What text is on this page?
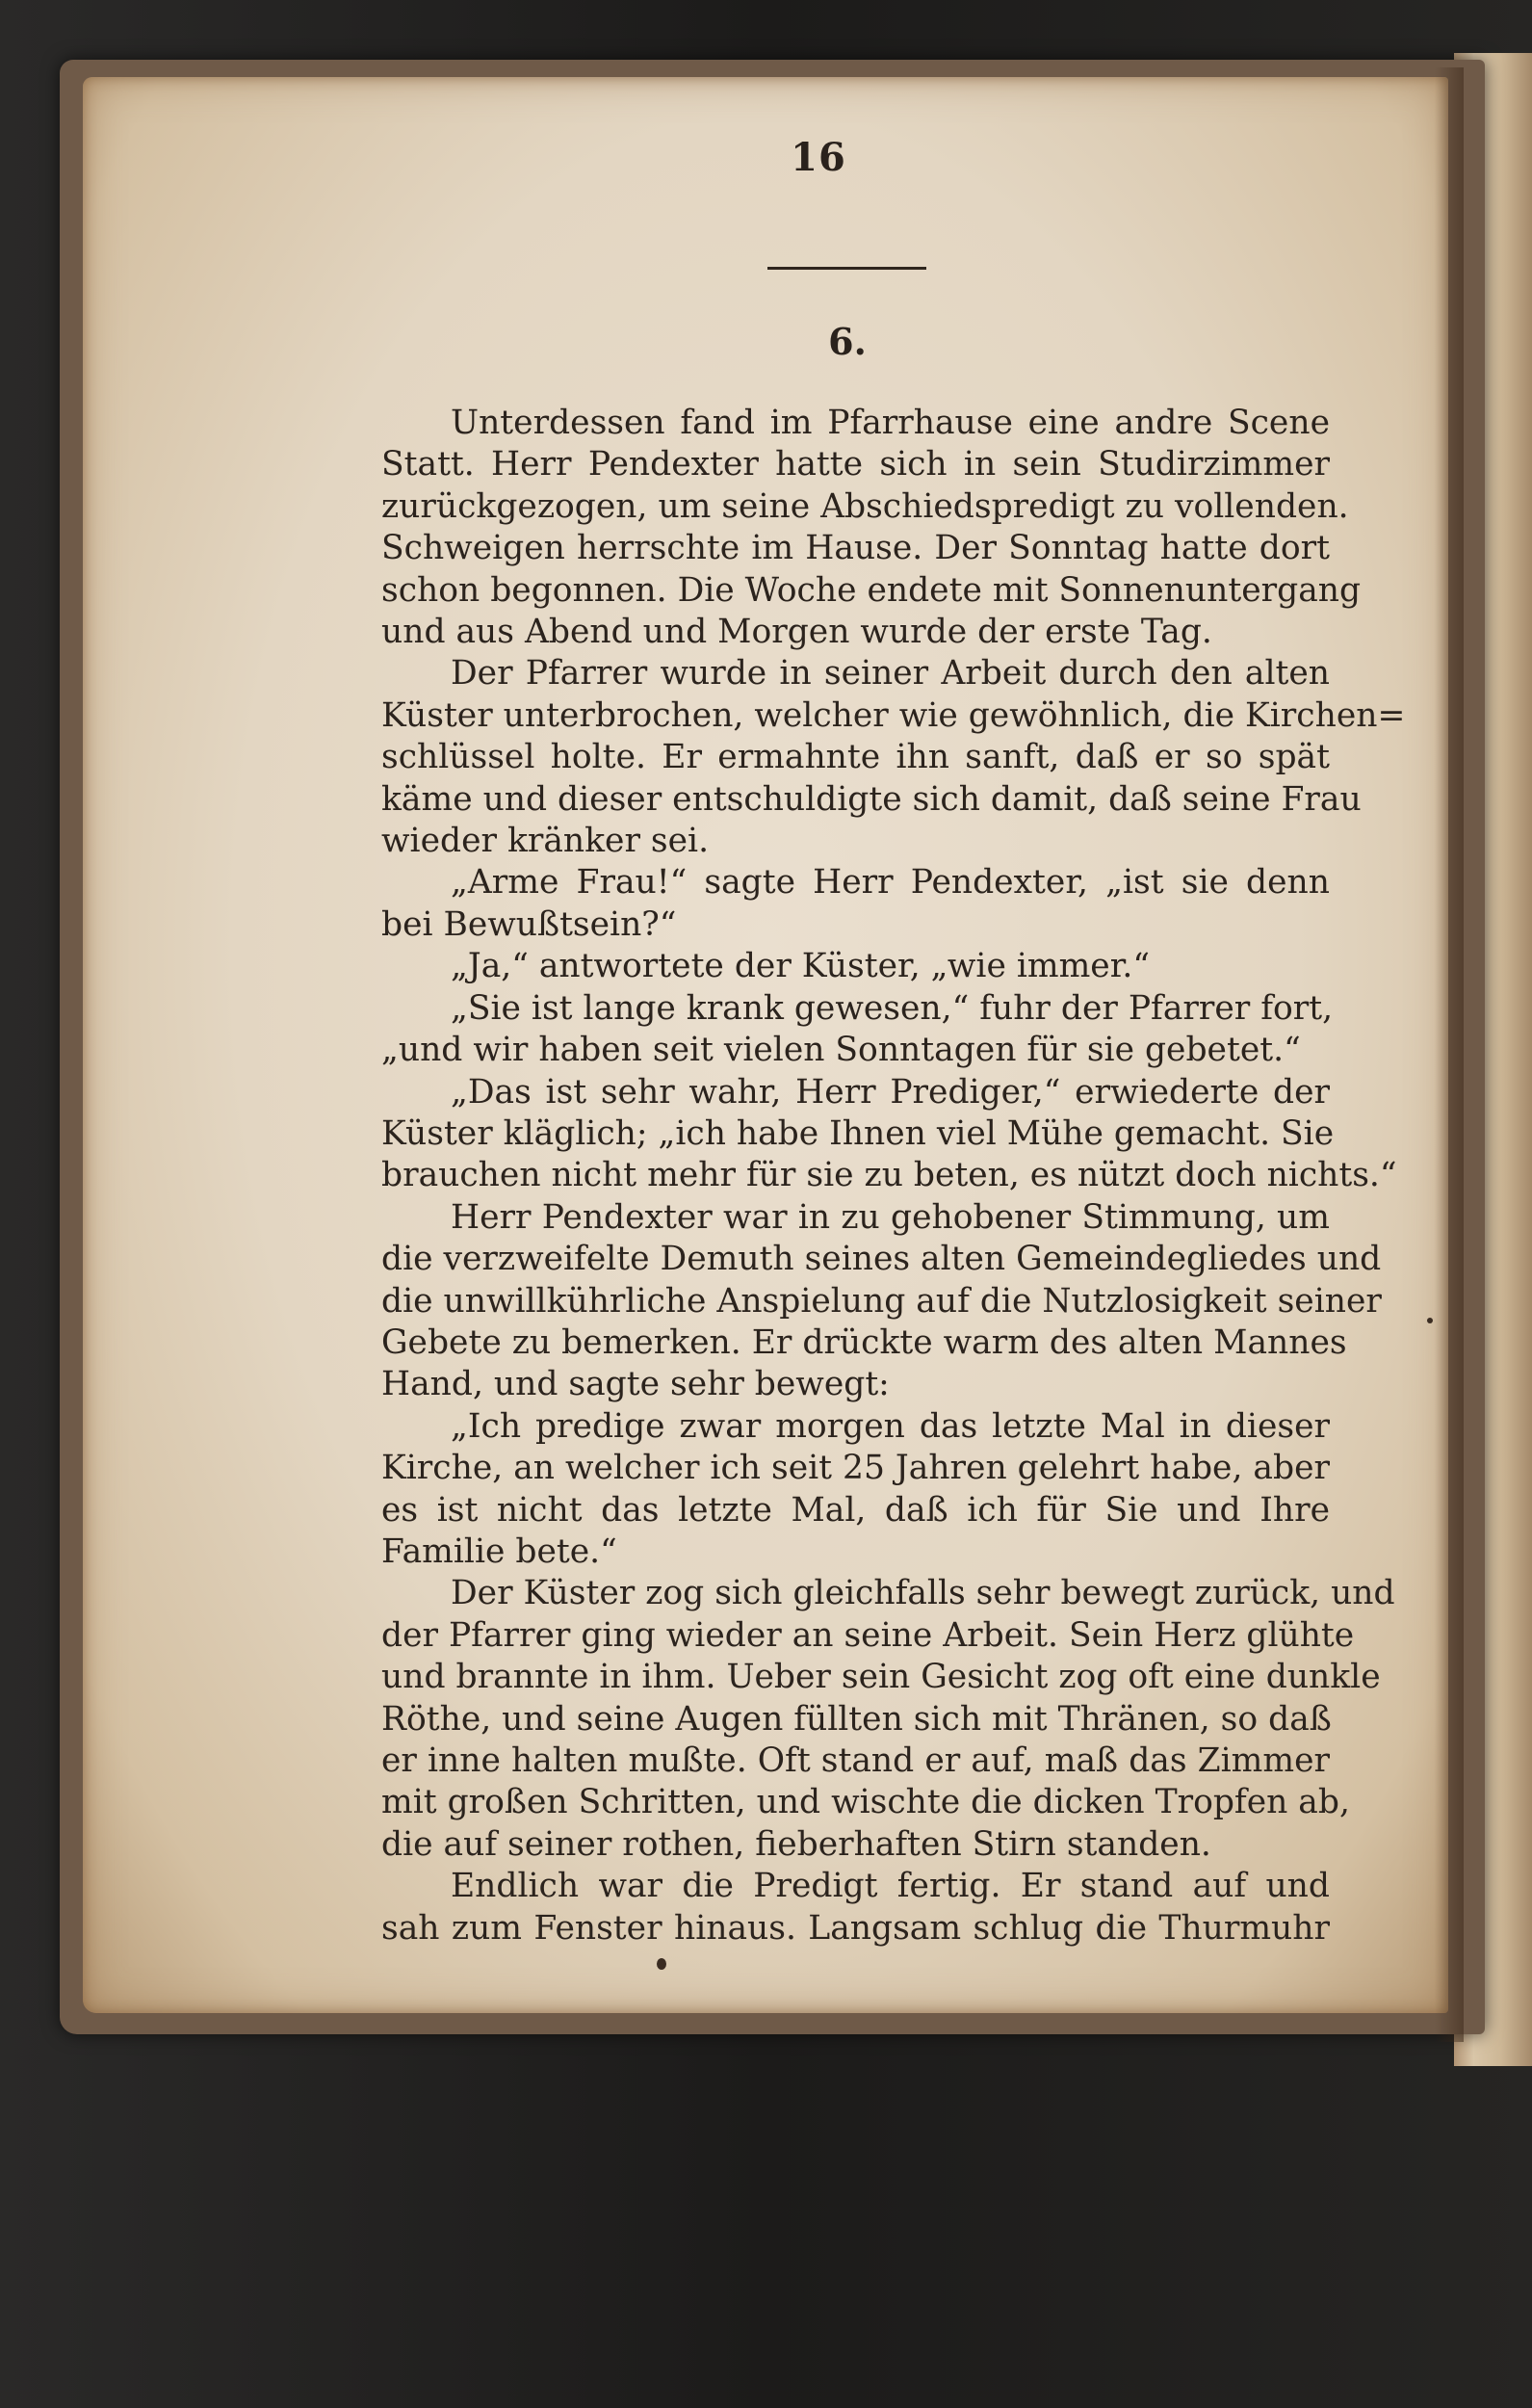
16
6.
Unterdessen fand im Pfarrhause eine andre Scene
Statt. Herr Pendexter hatte sich in sein Studirzimmer
zurückgezogen, um seine Abschiedspredigt zu vollenden.
Schweigen herrschte im Hause. Der Sonntag hatte dort
schon begonnen. Die Woche endete mit Sonnenuntergang
und aus Abend und Morgen wurde der erste Tag.
Der Pfarrer wurde in seiner Arbeit durch den alten
Küster unterbrochen, welcher wie gewöhnlich, die Kirchen=
schlüssel holte. Er ermahnte ihn sanft, daß er so spät
käme und dieser entschuldigte sich damit, daß seine Frau
wieder kränker sei.
„Arme Frau!“ sagte Herr Pendexter, „ist sie denn
bei Bewußtsein?“
„Ja,“ antwortete der Küster, „wie immer.“
„Sie ist lange krank gewesen,“ fuhr der Pfarrer fort,
„und wir haben seit vielen Sonntagen für sie gebetet.“
„Das ist sehr wahr, Herr Prediger,“ erwiederte der
Küster kläglich; „ich habe Ihnen viel Mühe gemacht. Sie
brauchen nicht mehr für sie zu beten, es nützt doch nichts.“
Herr Pendexter war in zu gehobener Stimmung, um
die verzweifelte Demuth seines alten Gemeindegliedes und
die unwillkührliche Anspielung auf die Nutzlosigkeit seiner
Gebete zu bemerken. Er drückte warm des alten Mannes
Hand, und sagte sehr bewegt:
„Ich predige zwar morgen das letzte Mal in dieser
Kirche, an welcher ich seit 25 Jahren gelehrt habe, aber
es ist nicht das letzte Mal, daß ich für Sie und Ihre
Familie bete.“
Der Küster zog sich gleichfalls sehr bewegt zurück, und
der Pfarrer ging wieder an seine Arbeit. Sein Herz glühte
und brannte in ihm. Ueber sein Gesicht zog oft eine dunkle
Röthe, und seine Augen füllten sich mit Thränen, so daß
er inne halten mußte. Oft stand er auf, maß das Zimmer
mit großen Schritten, und wischte die dicken Tropfen ab,
die auf seiner rothen, fieberhaften Stirn standen.
Endlich war die Predigt fertig. Er stand auf und
sah zum Fenster hinaus. Langsam schlug die Thurmuhr
